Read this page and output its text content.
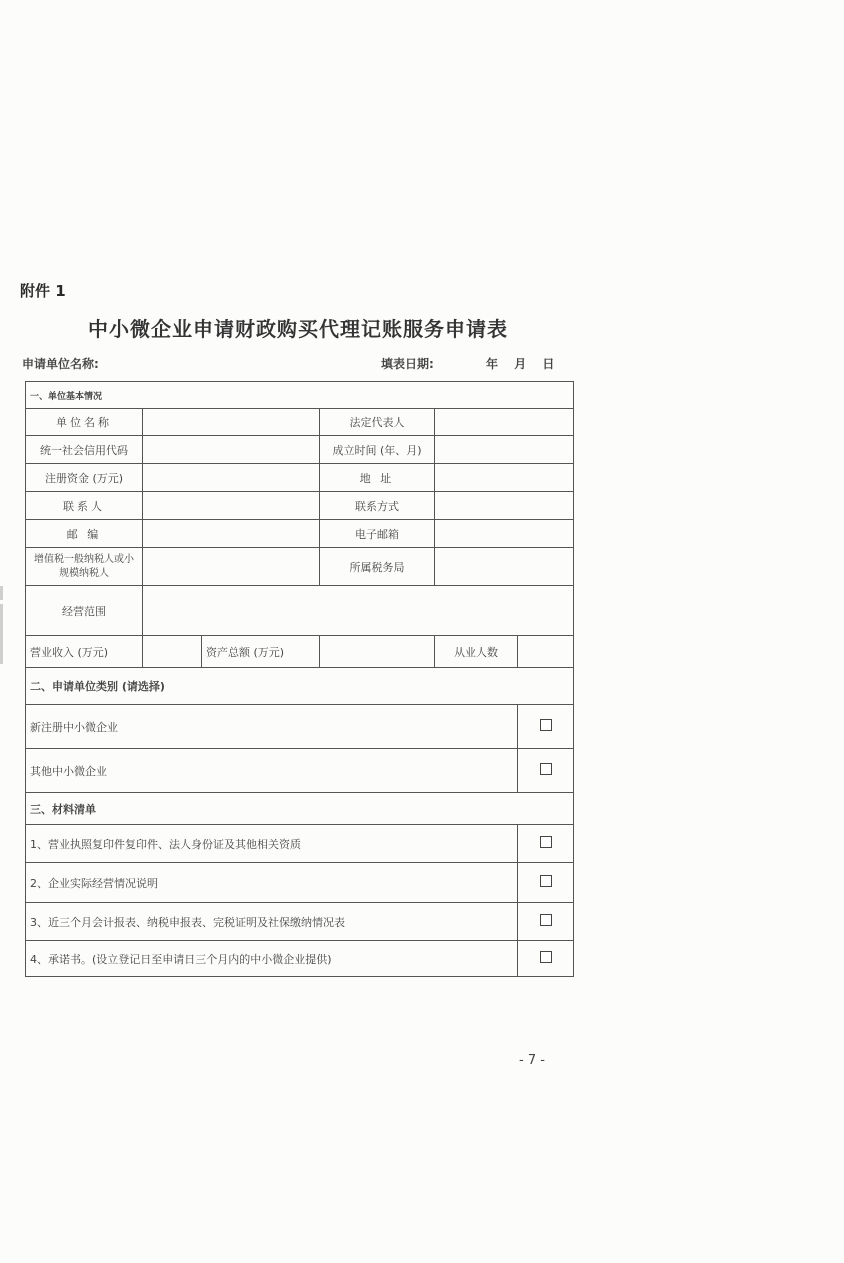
附件 1
中小微企业申请财政购买代理记账服务申请表
申请单位名称:	填表日期:	年 月 日
一、单位基本情况					
单位名称			法定代表人		
统一社会信用代码			成立时间 (年、月)		
注册资金 (万元)			地 址		
联系人			联系方式		
邮 编			电子邮箱		
增值税一般纳税人或小规模纳税人			所属税务局		
经营范围					
营业收入 (万元)		资产总额 (万元)		从业人数	
二、申请单位类别 (请选择)					
新注册中小微企业					
其他中小微企业					
三、材料清单					
1、营业执照复印件复印件、法人身份证及其他相关资质					
2、企业实际经营情况说明					
3、近三个月会计报表、纳税申报表、完税证明及社保缴纳情况表					
4、承诺书。(设立登记日至申请日三个月内的中小微企业提供)					
- 7 -
